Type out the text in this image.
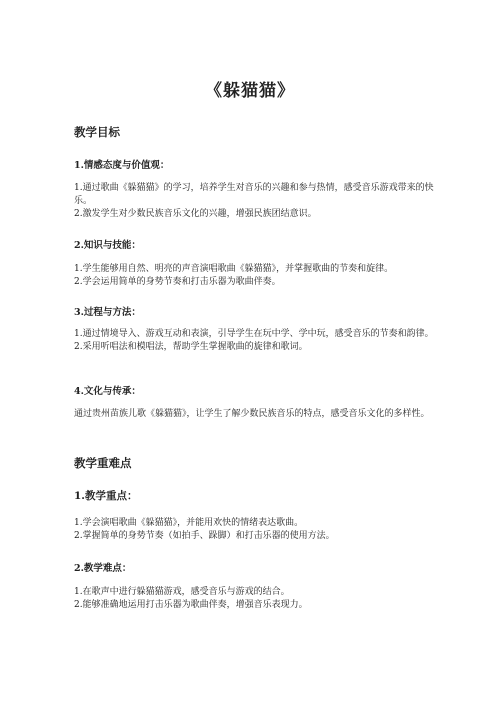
《躲猫猫》
教学目标
1.情感态度与价值观：

1.通过歌曲《躲猫猫》的学习，培养学生对音乐的兴趣和参与热情，感受音乐游戏带来的快乐。

2.激发学生对少数民族音乐文化的兴趣，增强民族团结意识。

2.知识与技能：

1.学生能够用自然、明亮的声音演唱歌曲《躲猫猫》，并掌握歌曲的节奏和旋律。

2.学会运用简单的身势节奏和打击乐器为歌曲伴奏。

3.过程与方法：

1.通过情境导入、游戏互动和表演，引导学生在玩中学、学中玩，感受音乐的节奏和韵律。

2.采用听唱法和模唱法，帮助学生掌握歌曲的旋律和歌词。

4.文化与传承：

通过贵州苗族儿歌《躲猫猫》，让学生了解少数民族音乐的特点，感受音乐文化的多样性。

教学重难点
1.教学重点：

1.学会演唱歌曲《躲猫猫》，并能用欢快的情绪表达歌曲。

2.掌握简单的身势节奏（如拍手、跺脚）和打击乐器的使用方法。

2.教学难点：

1.在歌声中进行躲猫猫游戏，感受音乐与游戏的结合。

2.能够准确地运用打击乐器为歌曲伴奏，增强音乐表现力。
